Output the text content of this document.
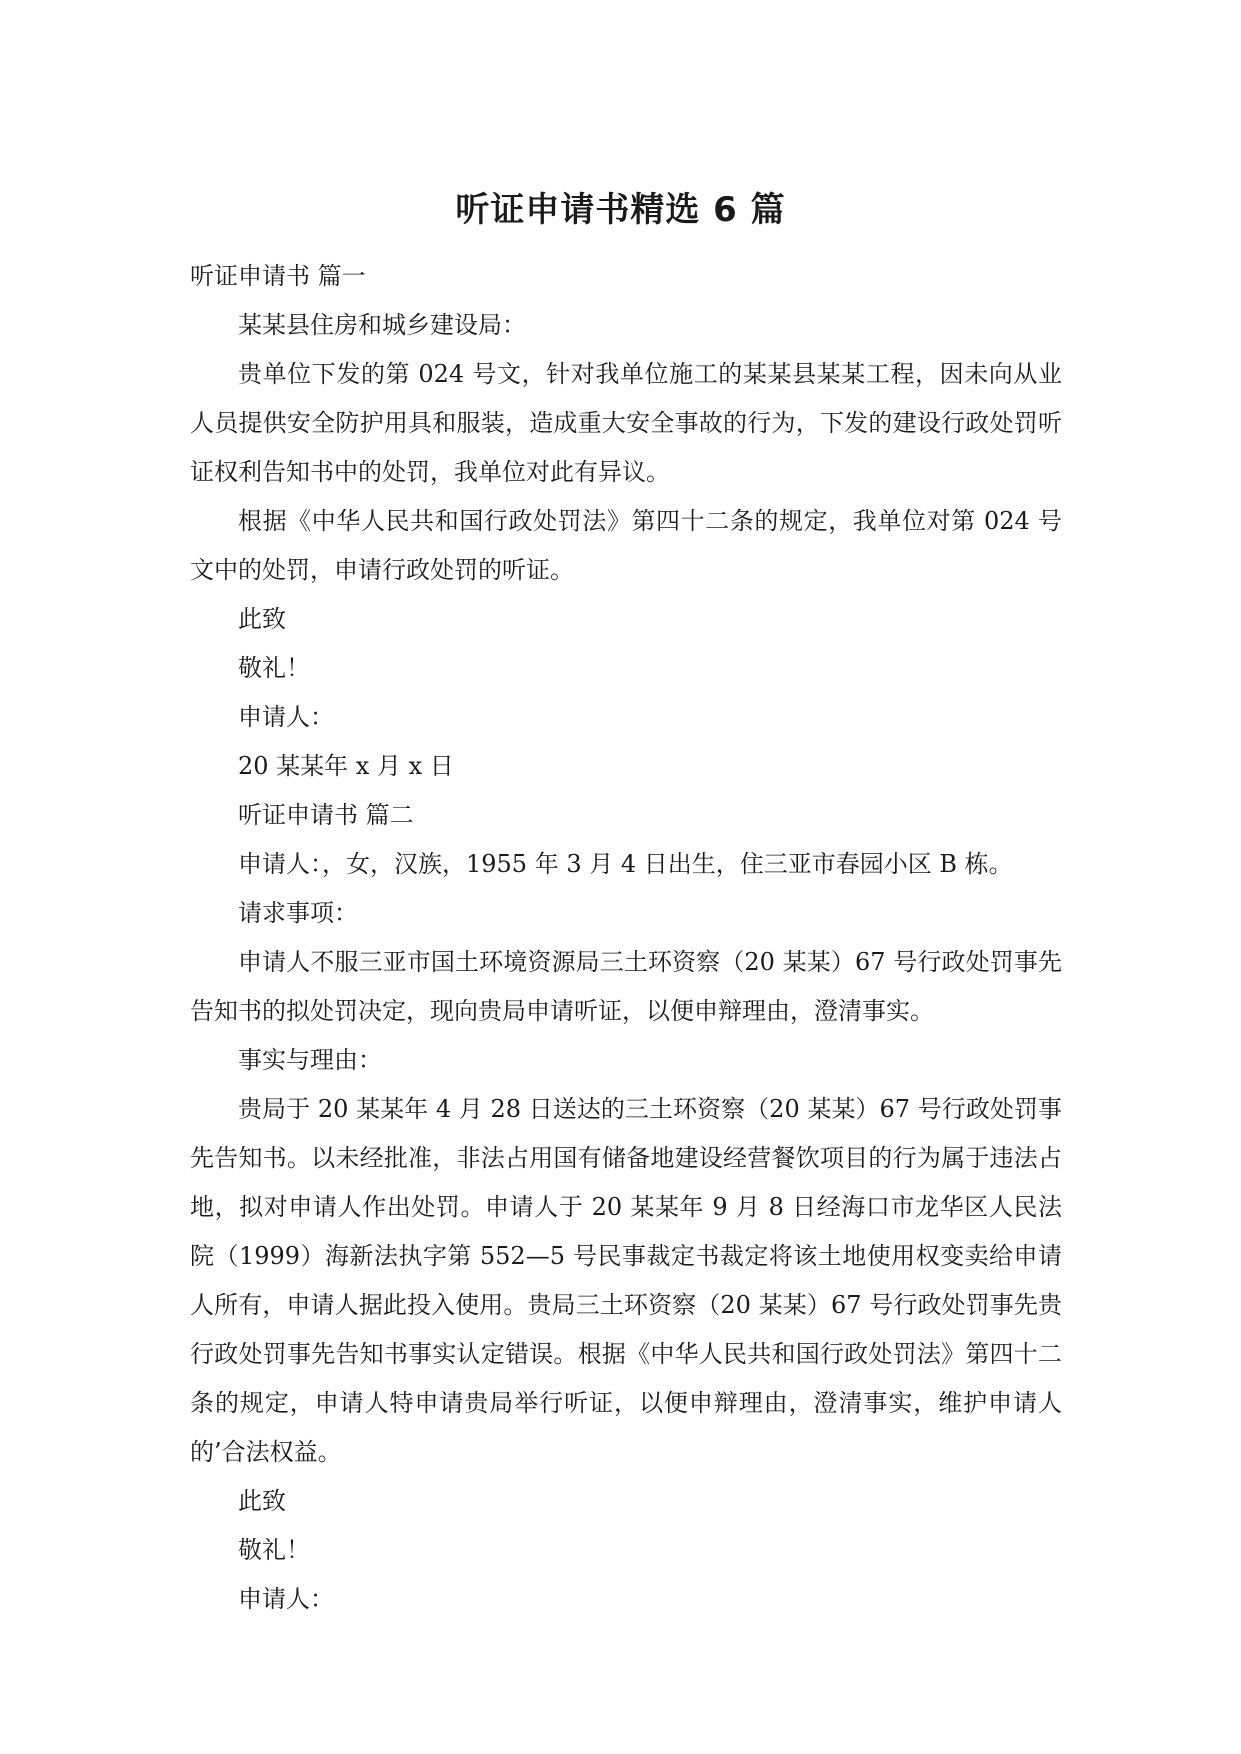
听证申请书精选 6 篇

听证申请书 篇一

某某县住房和城乡建设局：

贵单位下发的第 024 号文，针对我单位施工的某某县某某工程，因未向从业人员提供安全防护用具和服装，造成重大安全事故的行为，下发的建设行政处罚听证权利告知书中的处罚，我单位对此有异议。

根据《中华人民共和国行政处罚法》第四十二条的规定，我单位对第 024 号文中的处罚，申请行政处罚的听证。

此致

敬礼！

申请人：

20 某某年 x 月 x 日

听证申请书 篇二

申请人：，女，汉族，1955 年 3 月 4 日出生，住三亚市春园小区 B 栋。

请求事项：

申请人不服三亚市国土环境资源局三土环资察（20 某某）67 号行政处罚事先告知书的拟处罚决定，现向贵局申请听证，以便申辩理由，澄清事实。

事实与理由：

贵局于 20 某某年 4 月 28 日送达的三土环资察（20 某某）67 号行政处罚事先告知书。以未经批准，非法占用国有储备地建设经营餐饮项目的行为属于违法占地，拟对申请人作出处罚。申请人于 20 某某年 9 月 8 日经海口市龙华区人民法院（1999）海新法执字第 552—5 号民事裁定书裁定将该土地使用权变卖给申请人所有，申请人据此投入使用。贵局三土环资察（20 某某）67 号行政处罚事先贵行政处罚事先告知书事实认定错误。根据《中华人民共和国行政处罚法》第四十二条的规定，申请人特申请贵局举行听证，以便申辩理由，澄清事实，维护申请人的’合法权益。

此致

敬礼！

申请人：
